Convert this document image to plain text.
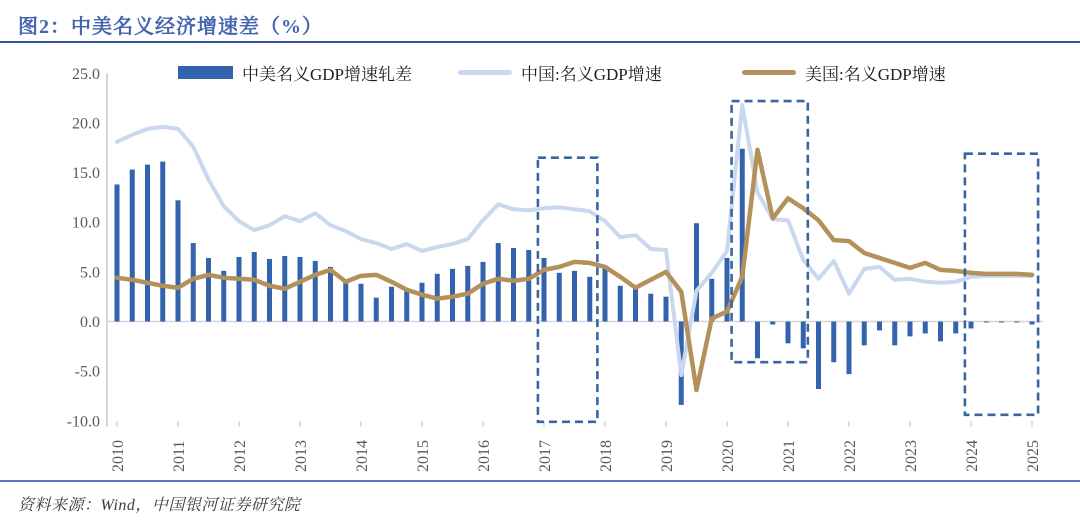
图2：中美名义经济增速差（%）
中美名义GDP增速轧差	中国:名义GDP增速	美国:名义GDP增速
25.0
20.0
15.0
10.0
5.0
0.0
-5.0
-10.0
2010	2011	2012	2013	2014	2015	2016	2017	2018	2019	2020	2021	2022	2023	2024	2025
资料来源：Wind，中国银河证券研究院
